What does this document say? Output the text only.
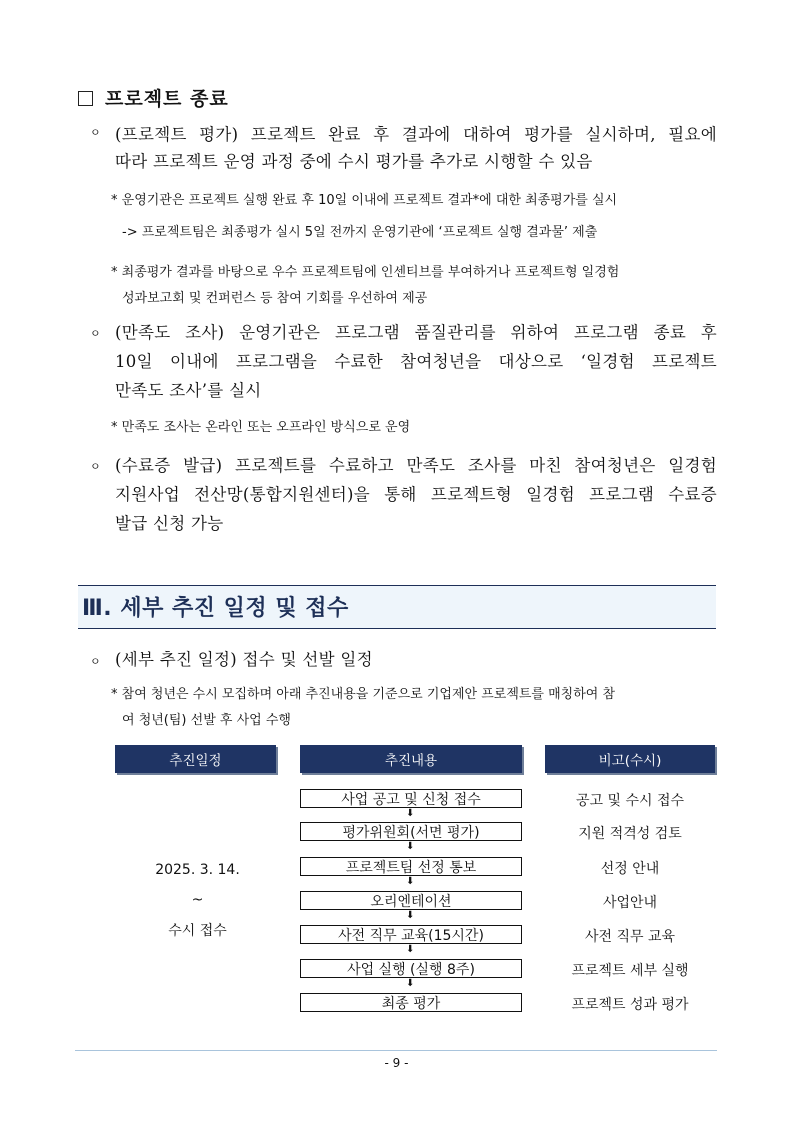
프로젝트 종료
ㅇ (프로젝트 평가) 프로젝트 완료 후 결과에 대하여 평가를 실시하며, 필요에
따라 프로젝트 운영 과정 중에 수시 평가를 추가로 시행할 수 있음
* 운영기관은 프로젝트 실행 완료 후 10일 이내에 프로젝트 결과*에 대한 최종평가를 실시
-> 프로젝트팀은 최종평가 실시 5일 전까지 운영기관에 ‘프로젝트 실행 결과물’ 제출
* 최종평가 결과를 바탕으로 우수 프로젝트팀에 인센티브를 부여하거나 프로젝트형 일경험
성과보고회 및 컨퍼런스 등 참여 기회를 우선하여 제공
ㅇ (만족도 조사) 운영기관은 프로그램 품질관리를 위하여 프로그램 종료 후
10일 이내에 프로그램을 수료한 참여청년을 대상으로 ‘일경험 프로젝트
만족도 조사’를 실시
* 만족도 조사는 온라인 또는 오프라인 방식으로 운영
ㅇ (수료증 발급) 프로젝트를 수료하고 만족도 조사를 마친 참여청년은 일경험
지원사업 전산망(통합지원센터)을 통해 프로젝트형 일경험 프로그램 수료증
발급 신청 가능
Ⅲ. 세부 추진 일정 및 접수
ㅇ (세부 추진 일정) 접수 및 선발 일정
* 참여 청년은 수시 모집하며 아래 추진내용을 기준으로 기업제안 프로젝트를 매칭하여 참
여 청년(팀) 선발 후 사업 수행
추진일정	추진내용	비고(수시)
2025. 3. 14.
~
수시 접수
사업 공고 및 신청 접수
⬇
평가위원회(서면 평가)
⬇
프로젝트팀 선정 통보
⬇
오리엔테이션
⬇
사전 직무 교육(15시간)
⬇
사업 실행 (실행 8주)
⬇
최종 평가
공고 및 수시 접수
지원 적격성 검토
선정 안내
사업안내
사전 직무 교육
프로젝트 세부 실행
프로젝트 성과 평가
- 9 -
